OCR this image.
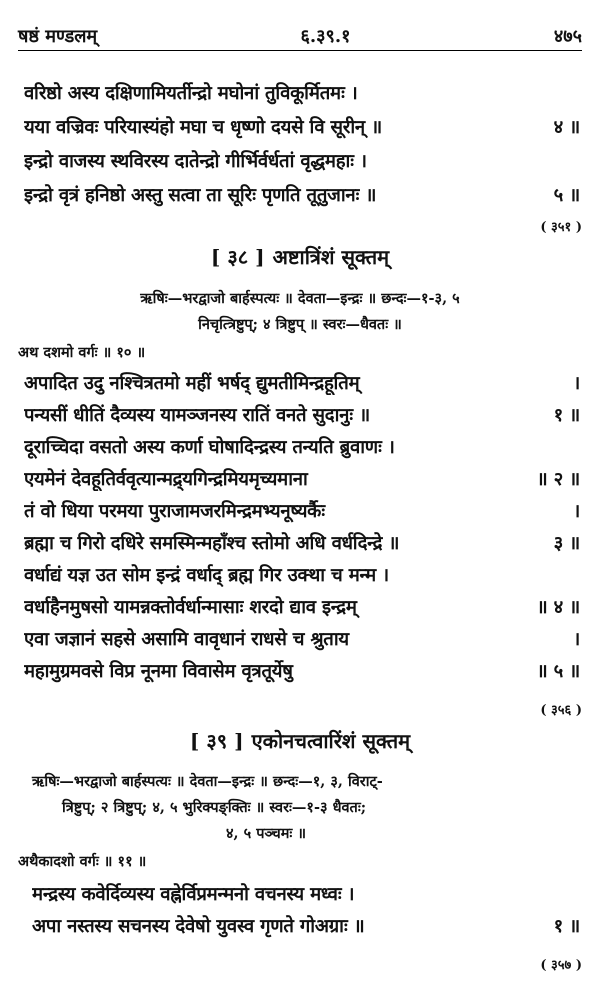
षष्ठं मण्डलम्	६.३९.१	४७५
वरिष्ठो अस्य दक्षिणामियर्तीन्द्रो मघोनां तुविकूर्मितमः ।
यया वज्रिवः परियास्यंहो मघा च धृष्णो दयसे वि सूरीन् ॥	४ ॥
इन्द्रो वाजस्य स्थविरस्य दातेन्द्रो गीर्भिर्वर्धतां वृद्धमहाः ।
इन्द्रो वृत्रं हनिष्ठो अस्तु सत्वा ता सूरिः पृणति तूतुजानः ॥	५ ॥
( ३५१ )
[ ३८ ] अष्टात्रिंशं सूक्तम्
ऋषिः—भरद्वाजो बार्हस्पत्यः ॥ देवता—इन्द्रः ॥ छन्दः—१-३, ५
निचृत्त्रिष्टुप्; ४ त्रिष्टुप् ॥ स्वरः—धैवतः ॥
अथ दशमो वर्गः ॥ १० ॥
अपादित उदु नश्चित्रतमो महीं भर्षद् द्युमतीमिन्द्रहूतिम्	।
पन्यसीं धीतिं दैव्यस्य यामञ्जनस्य रातिं वनते सुदानुः ॥	१ ॥
दूराच्चिदा वसतो अस्य कर्णा घोषादिन्द्रस्य तन्यति ब्रुवाणः ।
एयमेनं देवहूतिर्ववृत्यान्मद्र्यगिन्द्रमियमृच्यमाना	॥ २ ॥
तं वो धिया परमया पुराजामजरमिन्द्रमभ्यनूष्यर्कैः	।
ब्रह्मा च गिरो दधिरे समस्मिन्महाँश्च स्तोमो अधि वर्धदिन्द्रे ॥	३ ॥
वर्धाद्यं यज्ञ उत सोम इन्द्रं वर्धाद् ब्रह्म गिर उक्था च मन्म ।
वर्धाहैनमुषसो यामन्नक्तोर्वर्धान्मासाः शरदो द्याव इन्द्रम्	॥ ४ ॥
एवा जज्ञानं सहसे असामि वावृधानं राधसे च श्रुताय	।
महामुग्रमवसे विप्र नूनमा विवासेम वृत्रतूर्येषु	॥ ५ ॥
( ३५६ )
[ ३९ ] एकोनचत्वारिंशं सूक्तम्
ऋषिः—भरद्वाजो बार्हस्पत्यः ॥ देवता—इन्द्रः ॥ छन्दः—१, ३, विराट्-
त्रिष्टुप्; २ त्रिष्टुप्; ४, ५ भुरिक्पङ्क्तिः ॥ स्वरः—१-३ धैवतः;
४, ५ पञ्चमः ॥
अथैकादशो वर्गः ॥ ११ ॥
मन्द्रस्य कवेर्दिव्यस्य वह्नेर्विप्रमन्मनो वचनस्य मध्वः ।
अपा नस्तस्य सचनस्य देवेषो युवस्व गृणते गोअग्राः ॥	१ ॥
( ३५७ )
